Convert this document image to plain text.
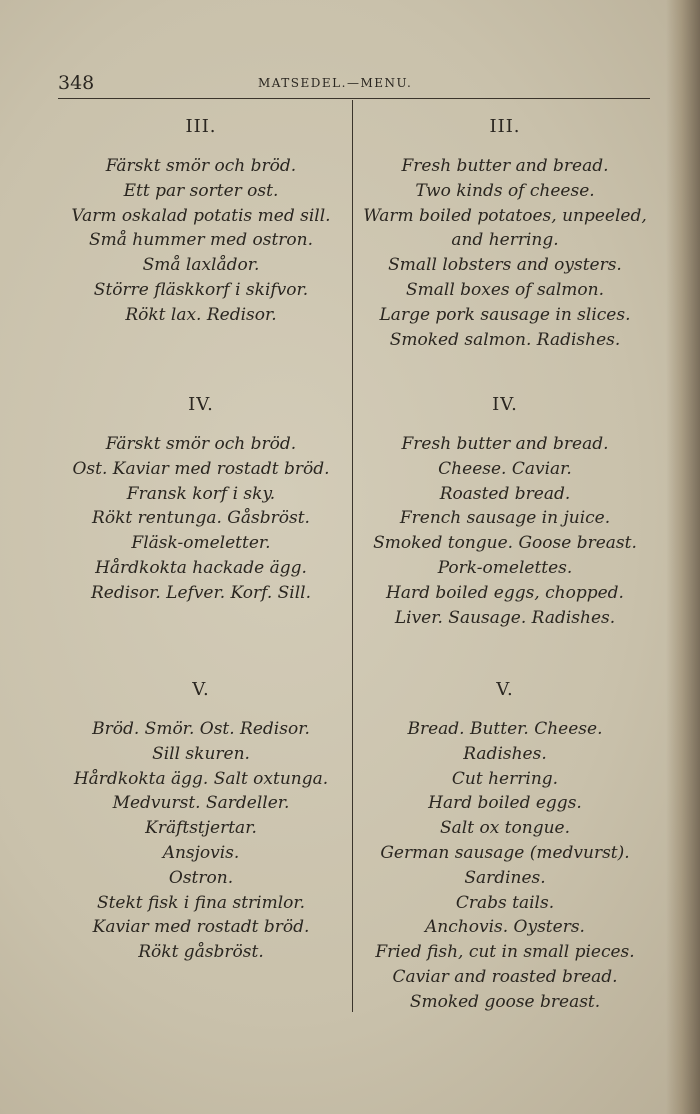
348	MATSEDEL.—MENU.
III.
Färskt smör och bröd.
Ett par sorter ost.
Varm oskalad potatis med sill.
Små hummer med ostron.
Små laxlådor.
Större fläskkorf i skifvor.
Rökt lax. Redisor.
IV.
Färskt smör och bröd.
Ost. Kaviar med rostadt bröd.
Fransk korf i sky.
Rökt rentunga. Gåsbröst.
Fläsk-omeletter.
Hårdkokta hackade ägg.
Redisor. Lefver. Korf. Sill.
V.
Bröd. Smör. Ost. Redisor.
Sill skuren.
Hårdkokta ägg. Salt oxtunga.
Medvurst. Sardeller.
Kräftstjertar.
Ansjovis.
Ostron.
Stekt fisk i fina strimlor.
Kaviar med rostadt bröd.
Rökt gåsbröst.
III.
Fresh butter and bread.
Two kinds of cheese.
Warm boiled potatoes, unpeeled,
and herring.
Small lobsters and oysters.
Small boxes of salmon.
Large pork sausage in slices.
Smoked salmon. Radishes.
IV.
Fresh butter and bread.
Cheese. Caviar.
Roasted bread.
French sausage in juice.
Smoked tongue. Goose breast.
Pork-omelettes.
Hard boiled eggs, chopped.
Liver. Sausage. Radishes.
V.
Bread. Butter. Cheese.
Radishes.
Cut herring.
Hard boiled eggs.
Salt ox tongue.
German sausage (medvurst).
Sardines.
Crabs tails.
Anchovis. Oysters.
Fried fish, cut in small pieces.
Caviar and roasted bread.
Smoked goose breast.
